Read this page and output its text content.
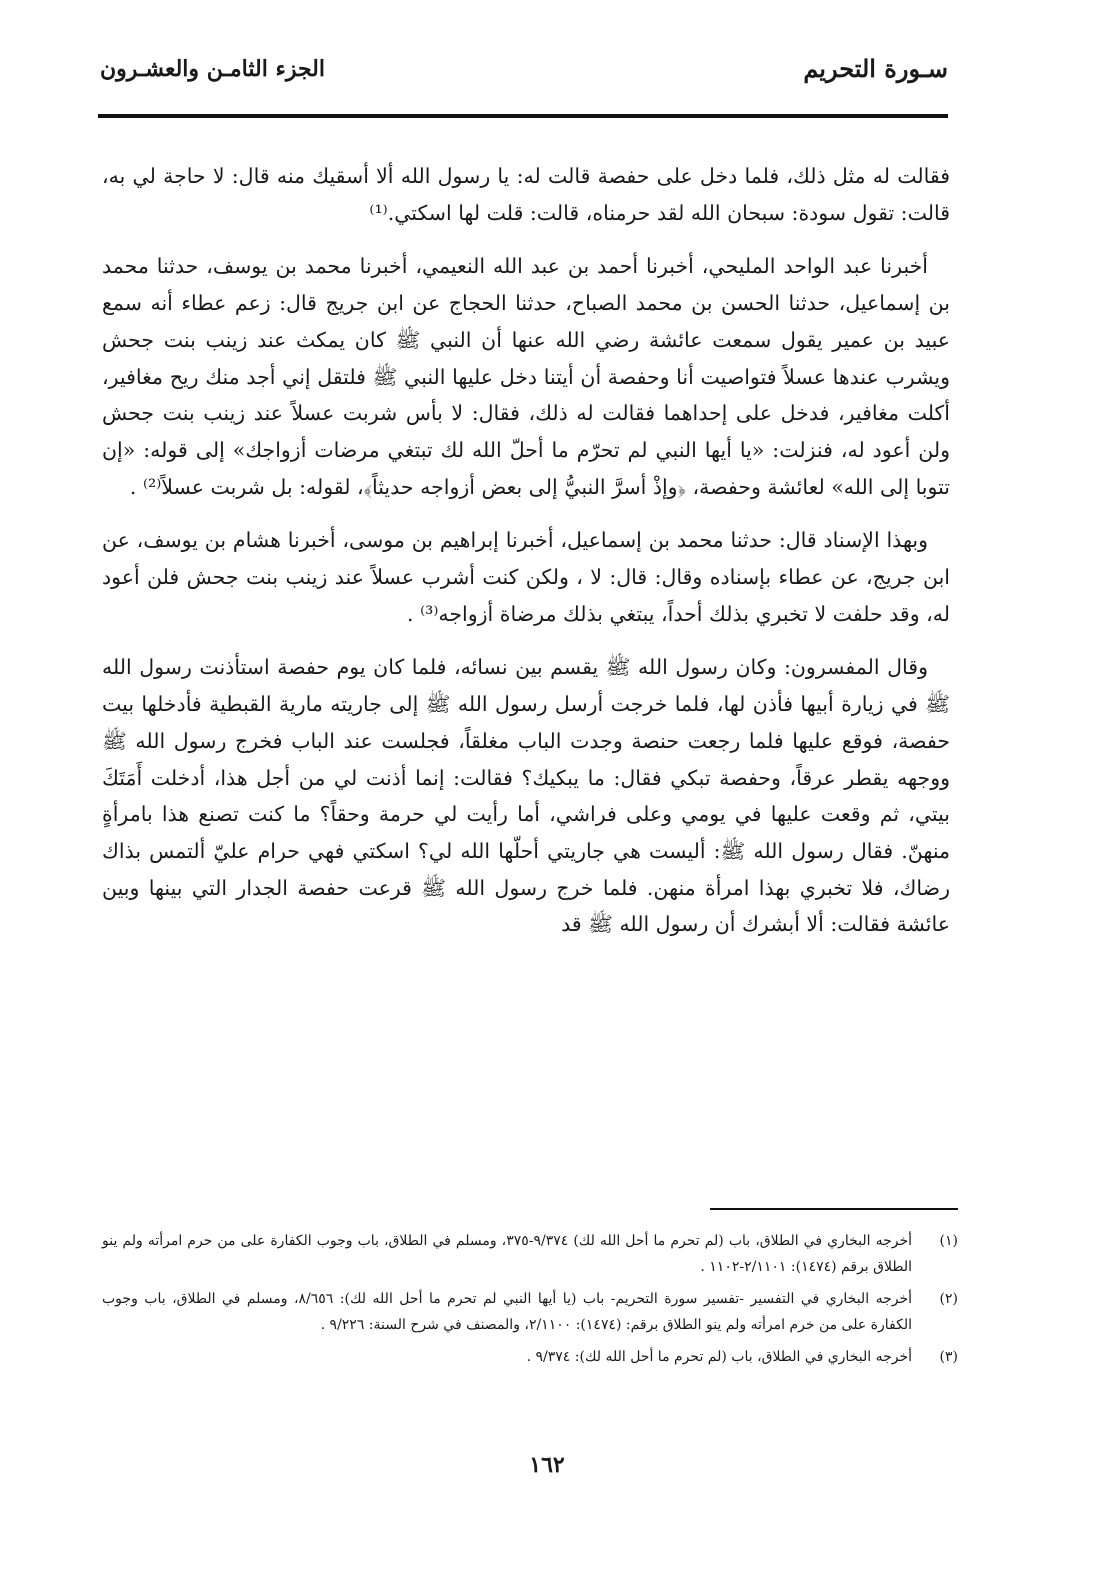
سـورة التحريم
الجزء الثامـن والعشـرون

فقالت له مثل ذلك، فلما دخل على حفصة قالت له: يا رسول الله ألا أسقيك منه قال: لا حاجة لي به، قالت: تقول سودة: سبحان الله لقد حرمناه، قالت: قلت لها اسكتي.⁽¹⁾

أخبرنا عبد الواحد المليحي، أخبرنا أحمد بن عبد الله النعيمي، أخبرنا محمد بن يوسف، حدثنا محمد بن إسماعيل، حدثنا الحسن بن محمد الصباح، حدثنا الحجاج عن ابن جريج قال: زعم عطاء أنه سمع عبيد بن عمير يقول سمعت عائشة رضي الله عنها أن النبي ﷺ كان يمكث عند زينب بنت جحش ويشرب عندها عسلاً فتواصيت أنا وحفصة أن أيتنا دخل عليها النبي ﷺ فلتقل إني أجد منك ريح مغافير، أكلت مغافير، فدخل على إحداهما فقالت له ذلك، فقال: لا بأس شربت عسلاً عند زينب بنت جحش ولن أعود له، فنزلت: «يا أيها النبي لم تحرّم ما أحلّ الله لك تبتغي مرضات أزواجك» إلى قوله: «إن تتوبا إلى الله» لعائشة وحفصة، ﴿وإذْ أسرَّ النبيُّ إلى بعض أزواجه حديثاً﴾، لقوله: بل شربت عسلاً⁽²⁾ .

وبهذا الإسناد قال: حدثنا محمد بن إسماعيل، أخبرنا إبراهيم بن موسى، أخبرنا هشام بن يوسف، عن ابن جريج، عن عطاء بإسناده وقال: قال: لا ، ولكن كنت أشرب عسلاً عند زينب بنت جحش فلن أعود له، وقد حلفت لا تخبري بذلك أحداً، يبتغي بذلك مرضاة أزواجه⁽³⁾ .

وقال المفسرون: وكان رسول الله ﷺ يقسم بين نسائه، فلما كان يوم حفصة استأذنت رسول الله ﷺ في زيارة أبيها فأذن لها، فلما خرجت أرسل رسول الله ﷺ إلى جاريته مارية القبطية فأدخلها بيت حفصة، فوقع عليها فلما رجعت حنصة وجدت الباب مغلقاً، فجلست عند الباب فخرج رسول الله ﷺ ووجهه يقطر عرقاً، وحفصة تبكي فقال: ما يبكيك؟ فقالت: إنما أذنت لي من أجل هذا، أدخلت أَمَتَكَ بيتي، ثم وقعت عليها في يومي وعلى فراشي، أما رأيت لي حرمة وحقاً؟ ما كنت تصنع هذا بامرأةٍ منهنّ. فقال رسول الله ﷺ: أليست هي جاريتي أحلّها الله لي؟ اسكتي فهي حرام عليّ ألتمس بذاك رضاك، فلا تخبري بهذا امرأة منهن. فلما خرج رسول الله ﷺ قرعت حفصة الجدار التي بينها وبين عائشة فقالت: ألا أبشرك أن رسول الله ﷺ قد

(١)
أخرجه البخاري في الطلاق، باب (لم تحرم ما أحل الله لك) ٩/٣٧٤-٣٧٥، ومسلم في الطلاق، باب وجوب الكفارة على من حرم امرأته ولم ينو الطلاق برقم (١٤٧٤): ٢/١١٠١-١١٠٢ .
(٢)
أخرجه البخاري في التفسير -تفسير سورة التحريم- باب (يا أيها النبي لم تحرم ما أحل الله لك): ٨/٦٥٦، ومسلم في الطلاق، باب وجوب الكفارة على من خرم امرأته ولم ينو الطلاق برقم: (١٤٧٤): ٢/١١٠٠، والمصنف في شرح السنة: ٩/٢٢٦ .
(٣)
أخرجه البخاري في الطلاق، باب (لم تحرم ما أحل الله لك): ٩/٣٧٤ .
١٦٢
